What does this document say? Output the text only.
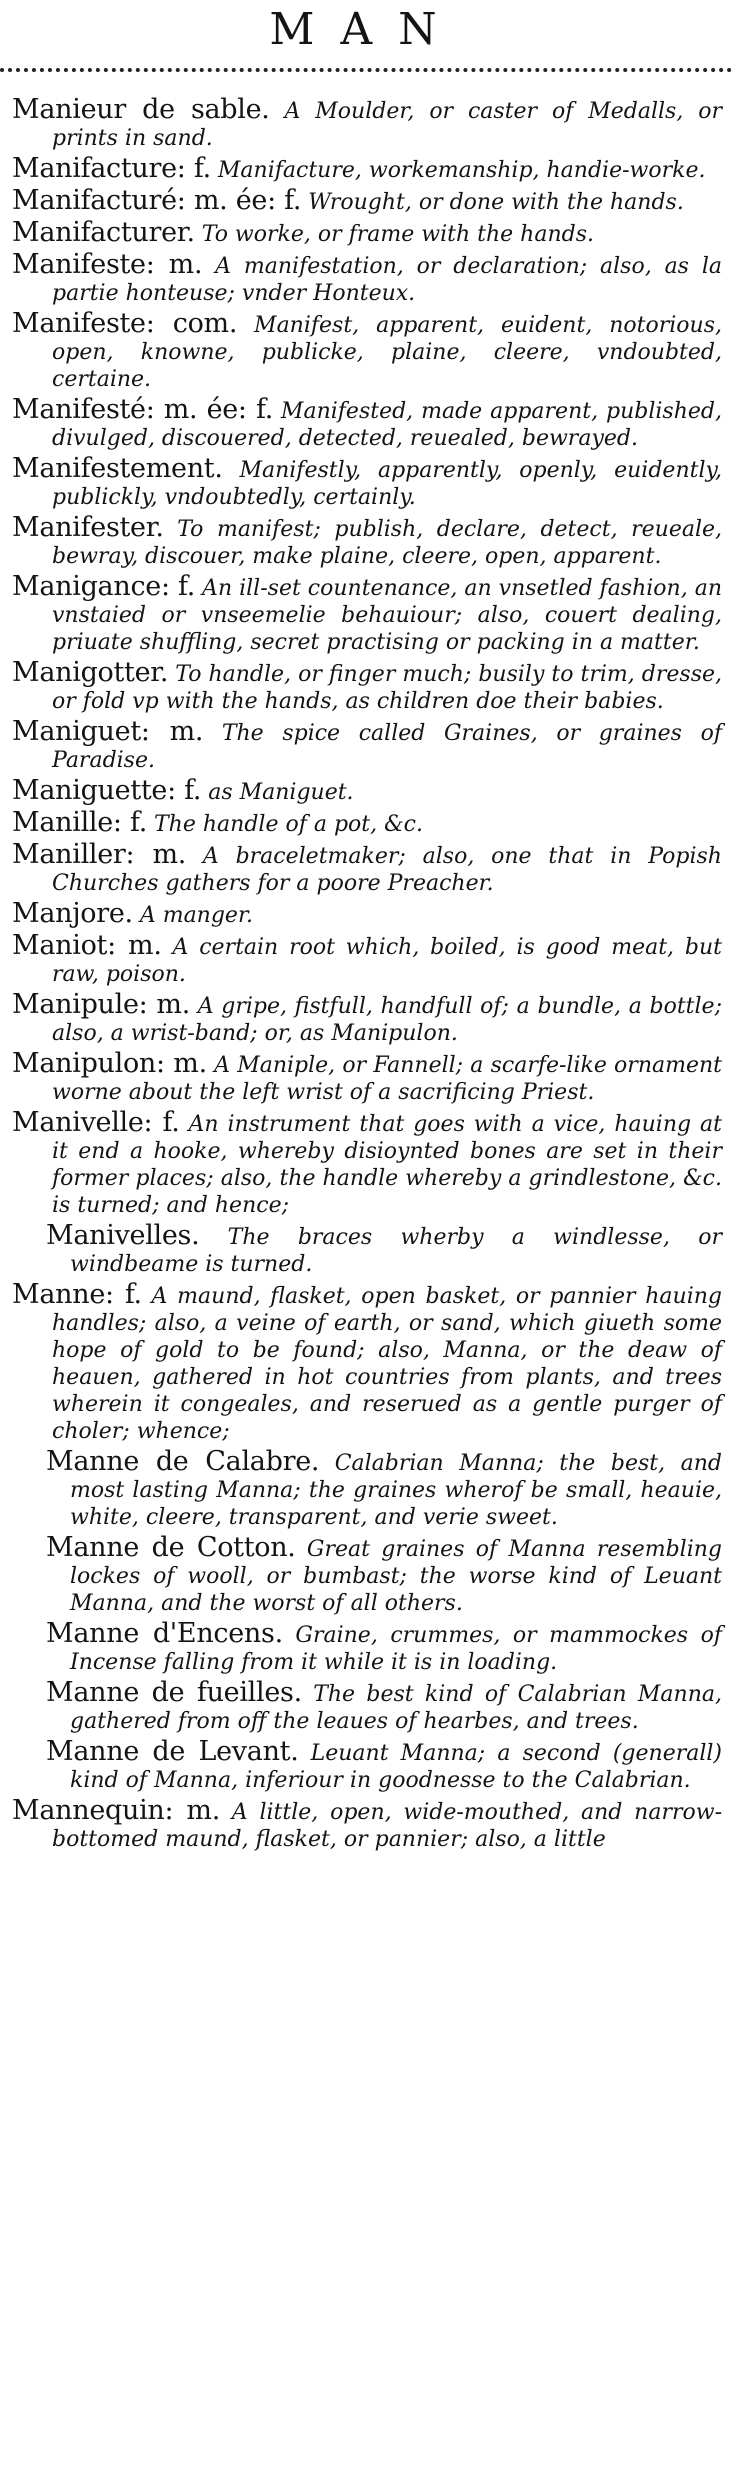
MAN

Manieur de sable. A Moulder, or caster of Medalls, or prints in sand.

Manifacture: f. Manifacture, workemanship, handie-worke.

Manifacturé: m. ée: f. Wrought, or done with the hands.

Manifacturer. To worke, or frame with the hands.

Manifeste: m. A manifestation, or declaration; also, as la partie honteuse; vnder Honteux.

Manifeste: com. Manifest, apparent, euident, notorious, open, knowne, publicke, plaine, cleere, vndoubted, certaine.

Manifesté: m. ée: f. Manifested, made apparent, published, divulged, discouered, detected, reuealed, bewrayed.

Manifestement. Manifestly, apparently, openly, euidently, publickly, vndoubtedly, certainly.

Manifester. To manifest; publish, declare, detect, reueale, bewray, discouer, make plaine, cleere, open, apparent.

Manigance: f. An ill-set countenance, an vnsetled fashion, an vnstaied or vnseemelie behauiour; also, couert dealing, priuate shuffling, secret practising or packing in a matter.

Manigotter. To handle, or finger much; busily to trim, dresse, or fold vp with the hands, as children doe their babies.

Maniguet: m. The spice called Graines, or graines of Paradise.

Maniguette: f. as Maniguet.

Manille: f. The handle of a pot, &c.

Maniller: m. A braceletmaker; also, one that in Popish Churches gathers for a poore Preacher.

Manjore. A manger.

Maniot: m. A certain root which, boiled, is good meat, but raw, poison.

Manipule: m. A gripe, fistfull, handfull of; a bundle, a bottle; also, a wrist-band; or, as Manipulon.

Manipulon: m. A Maniple, or Fannell; a scarfe-like ornament worne about the left wrist of a sacrificing Priest.

Manivelle: f. An instrument that goes with a vice, hauing at it end a hooke, whereby disioynted bones are set in their former places; also, the handle whereby a grindlestone, &c. is turned; and hence;

Manivelles. The braces wherby a windlesse, or windbeame is turned.

Manne: f. A maund, flasket, open basket, or pannier hauing handles; also, a veine of earth, or sand, which giueth some hope of gold to be found; also, Manna, or the deaw of heauen, gathered in hot countries from plants, and trees wherein it congeales, and reserued as a gentle purger of choler; whence;

Manne de Calabre. Calabrian Manna; the best, and most lasting Manna; the graines wherof be small, heauie, white, cleere, transparent, and verie sweet.

Manne de Cotton. Great graines of Manna resembling lockes of wooll, or bumbast; the worse kind of Leuant Manna, and the worst of all others.

Manne d'Encens. Graine, crummes, or mammockes of Incense falling from it while it is in loading.

Manne de fueilles. The best kind of Calabrian Manna, gathered from off the leaues of hearbes, and trees.

Manne de Levant. Leuant Manna; a second (generall) kind of Manna, inferiour in goodnesse to the Calabrian.

Mannequin: m. A little, open, wide-mouthed, and narrow-bottomed maund, flasket, or pannier; also, a little
